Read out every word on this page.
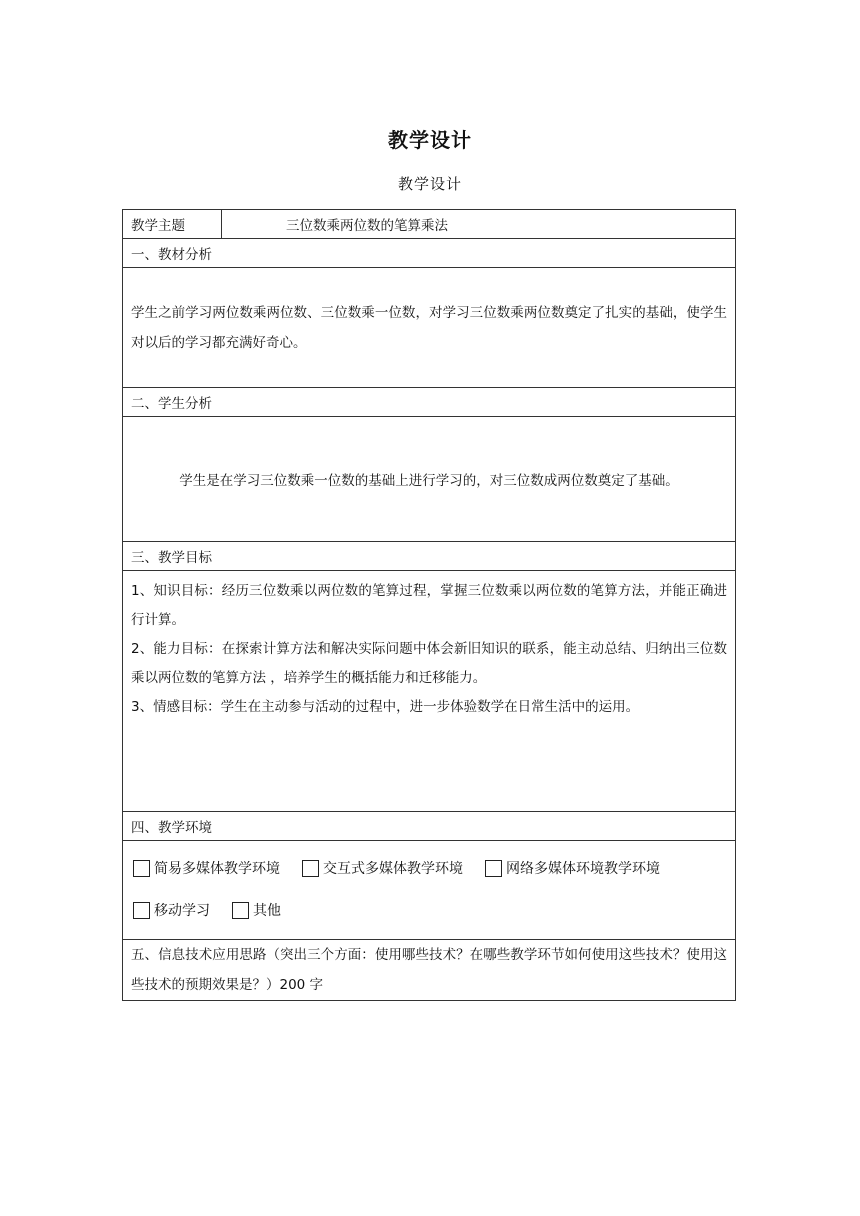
教学设计
教学设计
教学主题	三位数乘两位数的笔算乘法
一、教材分析
学生之前学习两位数乘两位数、三位数乘一位数，对学习三位数乘两位数奠定了扎实的基础，使学生对以后的学习都充满好奇心。
二、学生分析
学生是在学习三位数乘一位数的基础上进行学习的，对三位数成两位数奠定了基础。
三、教学目标

1、知识目标：经历三位数乘以两位数的笔算过程，掌握三位数乘以两位数的笔算方法，并能正确进行计算。
2、能力目标：在探索计算方法和解决实际问题中体会新旧知识的联系，能主动总结、归纳出三位数乘以两位数的笔算方法 ，培养学生的概括能力和迁移能力。
3、情感目标：学生在主动参与活动的过程中，进一步体验数学在日常生活中的运用。

四、教学环境

简易多媒体教学环境	交互式多媒体教学环境	网络多媒体环境教学环境
移动学习	其他

五、信息技术应用思路（突出三个方面：使用哪些技术？在哪些教学环节如何使用这些技术？使用这些技术的预期效果是？）200 字
